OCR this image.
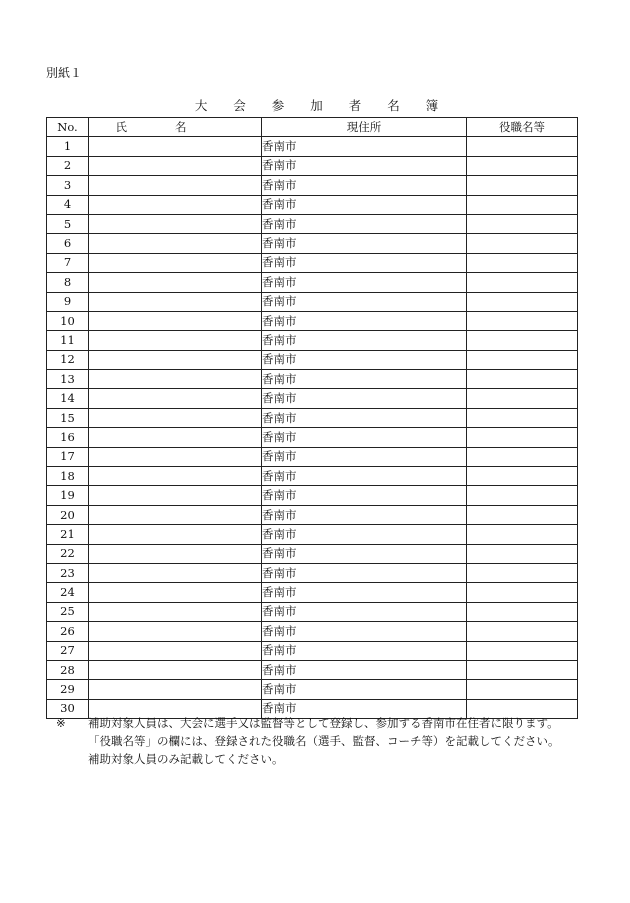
別紙１
大 会 参 加 者 名 簿
No.	氏名	現住所	役職名等
1		香南市	
2		香南市	
3		香南市	
4		香南市	
5		香南市	
6		香南市	
7		香南市	
8		香南市	
9		香南市	
10		香南市	
11		香南市	
12		香南市	
13		香南市	
14		香南市	
15		香南市	
16		香南市	
17		香南市	
18		香南市	
19		香南市	
20		香南市	
21		香南市	
22		香南市	
23		香南市	
24		香南市	
25		香南市	
26		香南市	
27		香南市	
28		香南市	
29		香南市	
30		香南市	
※	補助対象人員は、大会に選手又は監督等として登録し、参加する香南市在住者に限ります。
「役職名等」の欄には、登録された役職名（選手、監督、コーチ等）を記載してください。
補助対象人員のみ記載してください。
